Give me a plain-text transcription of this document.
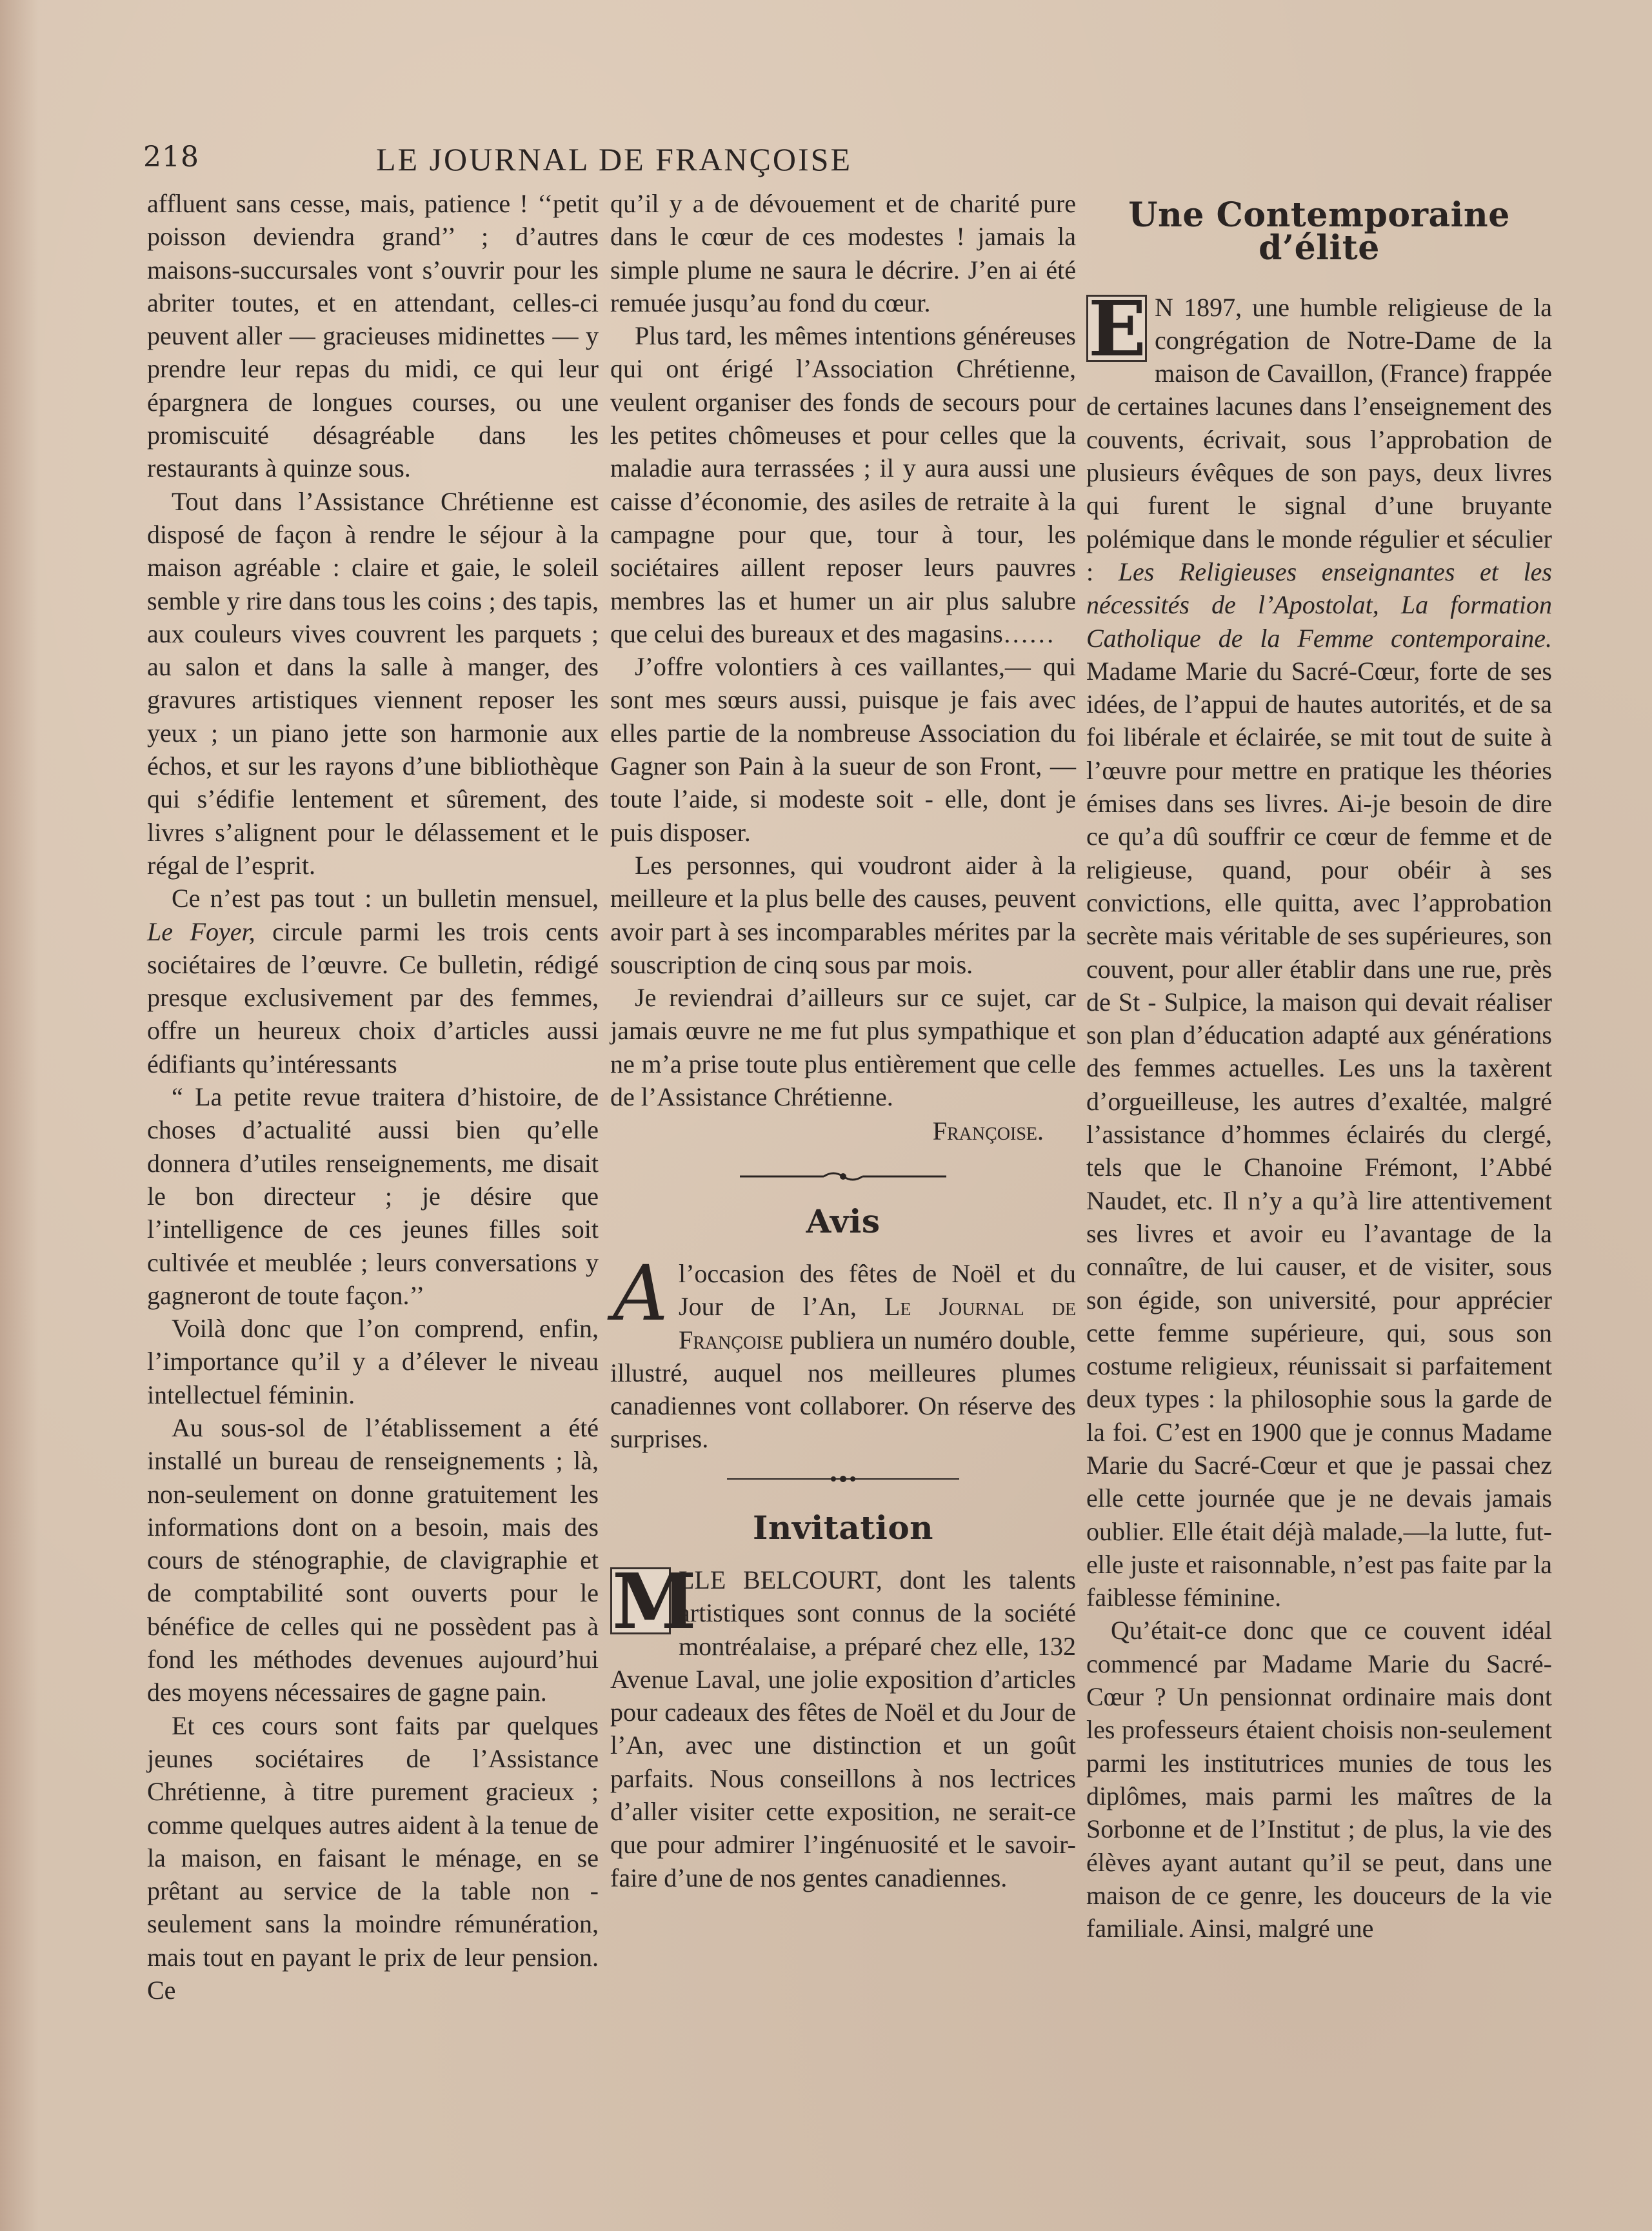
218	LE JOURNAL DE FRANÇOISE

affluent sans cesse, mais, patience ! ‘‘petit poisson deviendra grand’’ ; d’autres maisons-succursales vont s’ouvrir pour les abriter toutes, et en attendant, celles-ci peuvent aller — gracieuses midinettes — y prendre leur repas du midi, ce qui leur épargnera de longues courses, ou une promiscuité désagréable dans les restaurants à quinze sous.

Tout dans l’Assistance Chrétienne est disposé de façon à rendre le séjour à la maison agréable : claire et gaie, le soleil semble y rire dans tous les coins ; des tapis, aux couleurs vives couvrent les parquets ; au salon et dans la salle à manger, des gravures artistiques viennent reposer les yeux ; un piano jette son harmonie aux échos, et sur les rayons d’une bibliothèque qui s’édifie lentement et sûrement, des livres s’alignent pour le délassement et le régal de l’esprit.

Ce n’est pas tout : un bulletin mensuel, Le Foyer, circule parmi les trois cents sociétaires de l’œuvre. Ce bulletin, rédigé presque exclusivement par des femmes, offre un heureux choix d’articles aussi édifiants qu’intéressants

“ La petite revue traitera d’histoire, de choses d’actualité aussi bien qu’elle donnera d’utiles renseignements, me disait le bon directeur ; je désire que l’intelligence de ces jeunes filles soit cultivée et meublée ; leurs conversations y gagneront de toute façon.’’

Voilà donc que l’on comprend, enfin, l’importance qu’il y a d’élever le niveau intellectuel féminin.

Au sous-sol de l’établissement a été installé un bureau de renseignements ; là, non-seulement on donne gratuitement les informations dont on a besoin, mais des cours de sténographie, de clavigraphie et de comptabilité sont ouverts pour le bénéfice de celles qui ne possèdent pas à fond les méthodes devenues aujourd’hui des moyens nécessaires de gagne pain.

Et ces cours sont faits par quelques jeunes sociétaires de l’Assistance Chrétienne, à titre purement gracieux ; comme quelques autres aident à la tenue de la maison, en faisant le ménage, en se prêtant au service de la table non - seulement sans la moindre rémunération, mais tout en payant le prix de leur pension. Ce

qu’il y a de dévouement et de charité pure dans le cœur de ces modestes ! jamais la simple plume ne saura le décrire. J’en ai été remuée jusqu’au fond du cœur.

Plus tard, les mêmes intentions généreuses qui ont érigé l’Association Chrétienne, veulent organiser des fonds de secours pour les petites chômeuses et pour celles que la maladie aura terrassées ; il y aura aussi une caisse d’économie, des asiles de retraite à la campagne pour que, tour à tour, les sociétaires aillent reposer leurs pauvres membres las et humer un air plus salubre que celui des bureaux et des magasins……

J’offre volontiers à ces vaillantes,— qui sont mes sœurs aussi, puisque je fais avec elles partie de la nombreuse Association du Gagner son Pain à la sueur de son Front, — toute l’aide, si modeste soit - elle, dont je puis disposer.

Les personnes, qui voudront aider à la meilleure et la plus belle des causes, peuvent avoir part à ses incomparables mérites par la souscription de cinq sous par mois.

Je reviendrai d’ailleurs sur ce sujet, car jamais œuvre ne me fut plus sympathique et ne m’a prise toute plus entièrement que celle de l’Assistance Chrétienne.

Françoise.

Avis

Al’occasion des fêtes de Noël et du Jour de l’An, Le Journal de Françoise publiera un numéro double, illustré, auquel nos meilleures plumes canadiennes vont collaborer. On réserve des surprises.

Invitation

M
LLE BELCOURT, dont les talents artistiques sont connus de la société montréalaise, a préparé chez elle, 132 Avenue Laval, une jolie exposition d’articles pour cadeaux des fêtes de Noël et du Jour de l’An, avec une distinction et un goût parfaits. Nous conseillons à nos lectrices d’aller visiter cette exposition, ne serait-ce que pour admirer l’ingénuosité et le savoir-faire d’une de nos gentes canadiennes.

Une Contemporaine d’élite

E N 1897, une humble religieuse de la congrégation de Notre-Dame de la maison de Cavaillon, (France) frappée de certaines lacunes dans l’enseignement des couvents, écrivait, sous l’approbation de plusieurs évêques de son pays, deux livres qui furent le signal d’une bruyante polémique dans le monde régulier et séculier : Les Religieuses enseignantes et les nécessités de l’Apostolat, La formation Catholique de la Femme contemporaine. Madame Marie du Sacré-Cœur, forte de ses idées, de l’appui de hautes autorités, et de sa foi libérale et éclairée, se mit tout de suite à l’œuvre pour mettre en pratique les théories émises dans ses livres. Ai-je besoin de dire ce qu’a dû souffrir ce cœur de femme et de religieuse, quand, pour obéir à ses convictions, elle quitta, avec l’approbation secrète mais véritable de ses supérieures, son couvent, pour aller établir dans une rue, près de St - Sulpice, la maison qui devait réaliser son plan d’éducation adapté aux générations des femmes actuelles. Les uns la taxèrent d’orgueilleuse, les autres d’exaltée, malgré l’assistance d’hommes éclairés du clergé, tels que le Chanoine Frémont, l’Abbé Naudet, etc. Il n’y a qu’à lire attentivement ses livres et avoir eu l’avantage de la connaître, de lui causer, et de visiter, sous son égide, son université, pour apprécier cette femme supérieure, qui, sous son costume religieux, réunissait si parfaitement deux types : la philosophie sous la garde de la foi. C’est en 1900 que je connus Madame Marie du Sacré-Cœur et que je passai chez elle cette journée que je ne devais jamais oublier. Elle était déjà malade,—la lutte, fut-elle juste et raisonnable, n’est pas faite par la faiblesse féminine.

Qu’était-ce donc que ce couvent idéal commencé par Madame Marie du Sacré-Cœur ? Un pensionnat ordinaire mais dont les professeurs étaient choisis non-seulement parmi les institutrices munies de tous les diplômes, mais parmi les maîtres de la Sorbonne et de l’Institut ; de plus, la vie des élèves ayant autant qu’il se peut, dans une maison de ce genre, les douceurs de la vie familiale. Ainsi, malgré une
